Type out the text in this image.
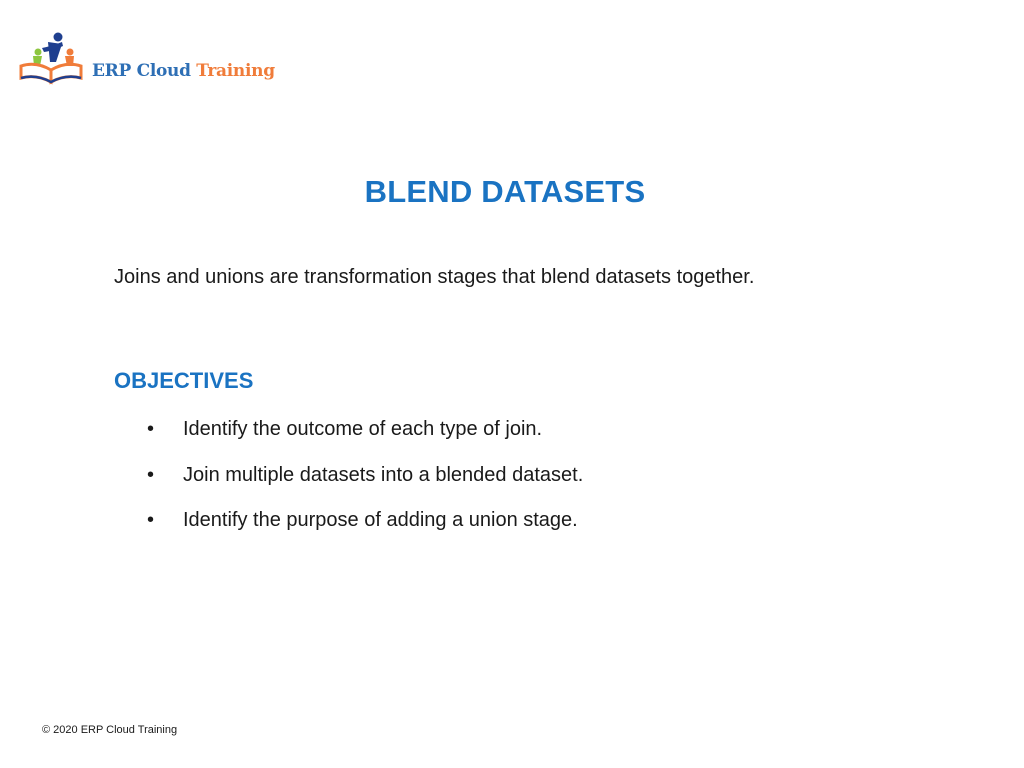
ERP Cloud Training
BLEND DATASETS
Joins and unions are transformation stages that blend datasets together.
OBJECTIVES
• Identify the outcome of each type of join.
• Join multiple datasets into a blended dataset.
• Identify the purpose of adding a union stage.
© 2020 ERP Cloud Training
